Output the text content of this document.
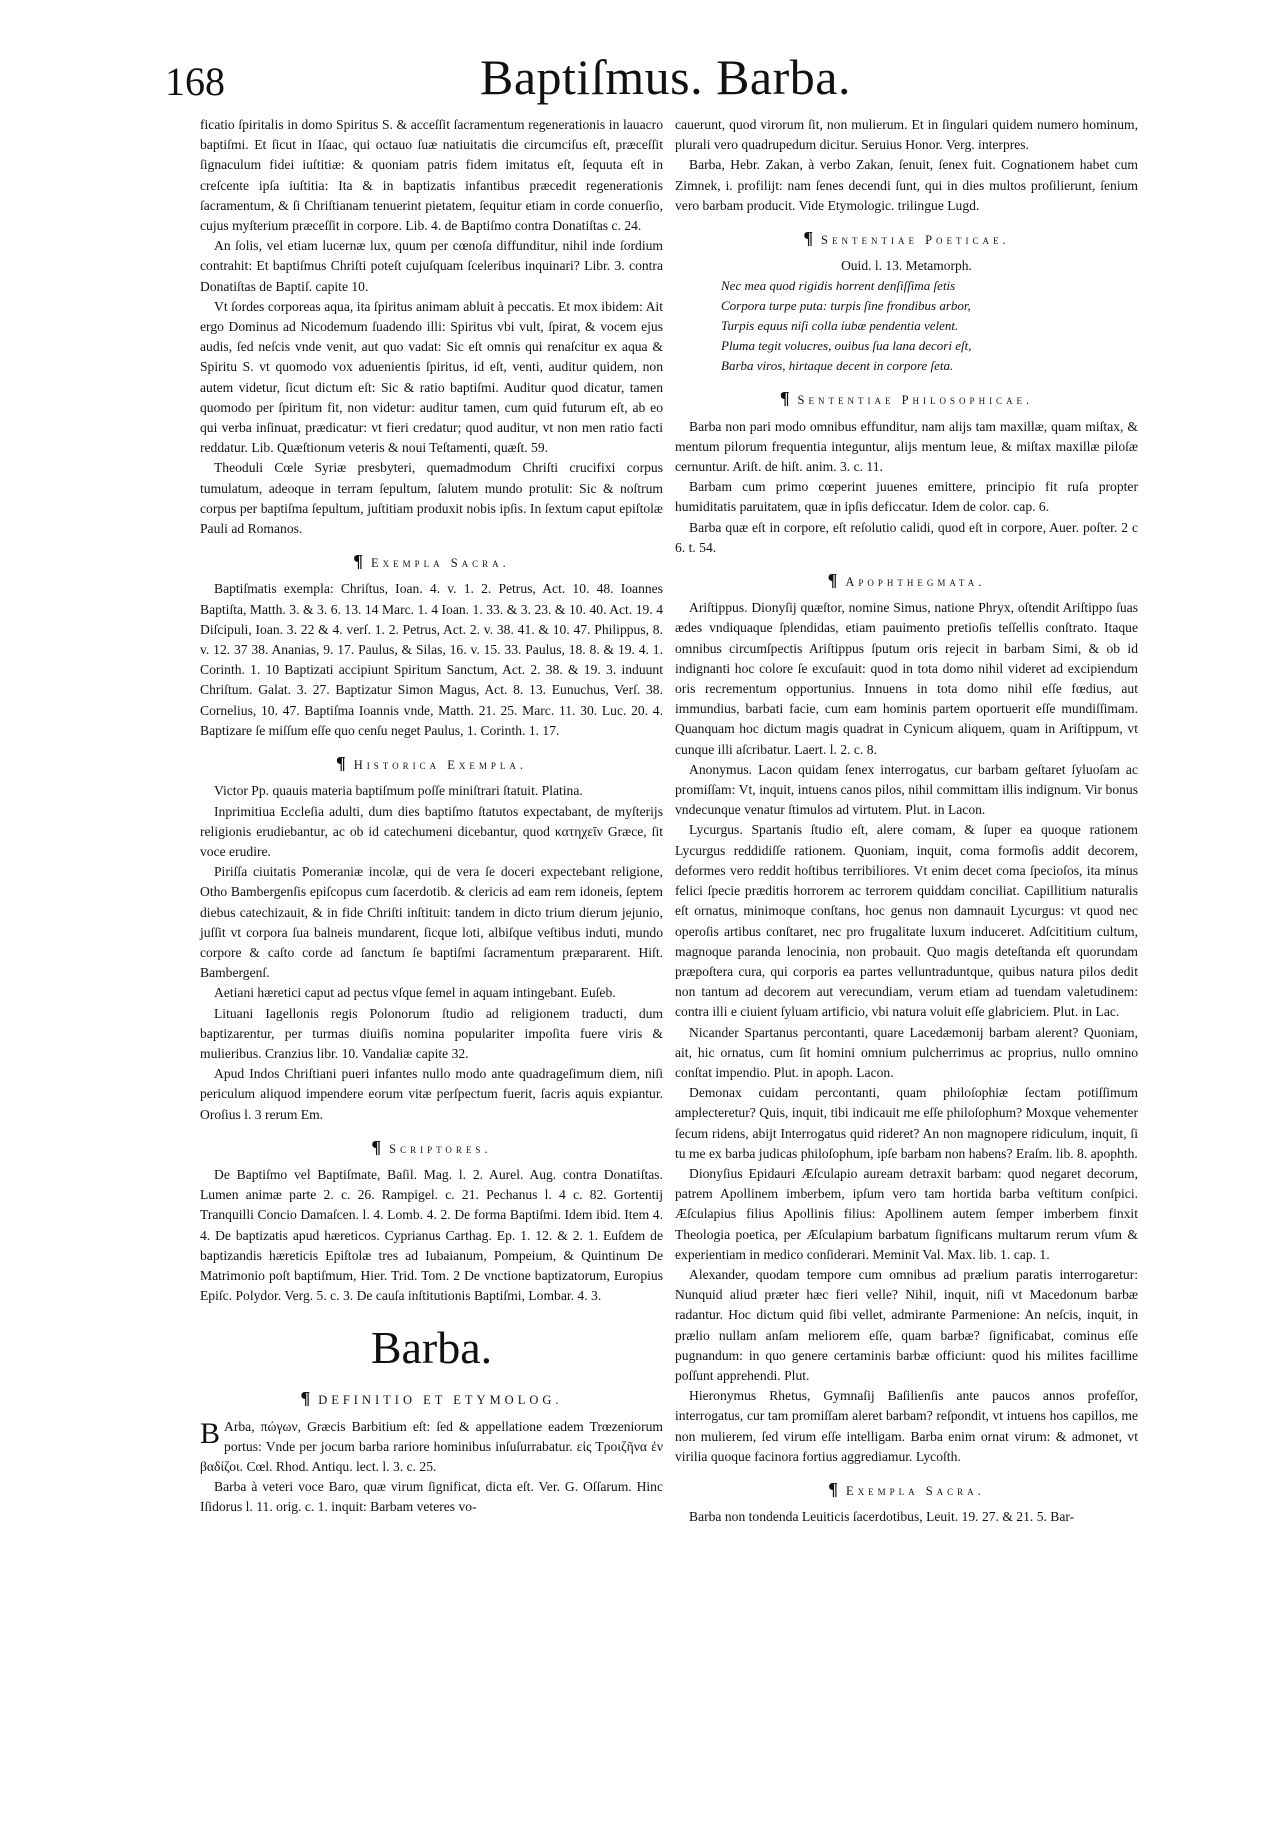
168	Baptiſmus. Barba.

ficatio ſpiritalis in domo Spiritus S. & acceſſit ſacramentum regenerationis in lauacro baptiſmi. Et ſicut in Iſaac, qui octauo ſuæ natiuitatis die circumciſus eſt, præceſſit ſignaculum fidei iuſtitiæ: & quoniam patris fidem imitatus eſt, ſequuta eſt in creſcente ipſa iuſtitia: Ita & in baptizatis infantibus præcedit regenerationis ſacramentum, & ſi Chriſtianam tenuerint pietatem, ſequitur etiam in corde conuerſio, cujus myſterium præceſſit in corpore. Lib. 4. de Baptiſmo contra Donatiſtas c. 24.

An ſolis, vel etiam lucernæ lux, quum per cœnoſa diffunditur, nihil inde ſordium contrahit: Et baptiſmus Chriſti poteſt cujuſquam ſceleribus inquinari? Libr. 3. contra Donatiſtas de Baptiſ. capite 10.

Vt ſordes corporeas aqua, ita ſpiritus animam abluit à peccatis. Et mox ibidem: Ait ergo Dominus ad Nicodemum ſuadendo illi: Spiritus vbi vult, ſpirat, & vocem ejus audis, ſed neſcis vnde venit, aut quo vadat: Sic eſt omnis qui renaſcitur ex aqua & Spiritu S. vt quomodo vox aduenientis ſpiritus, id eſt, venti, auditur quidem, non autem videtur, ſicut dictum eſt: Sic & ratio baptiſmi. Auditur quod dicatur, tamen quomodo per ſpiritum fit, non videtur: auditur tamen, cum quid futurum eſt, ab eo qui verba inſinuat, prædicatur: vt fieri credatur; quod auditur, vt non men ratio facti reddatur. Lib. Quæſtionum veteris & noui Teſtamenti, quæſt. 59.

Theoduli Cœle Syriæ presbyteri, quemadmodum Chriſti crucifixi corpus tumulatum, adeoque in terram ſepultum, ſalutem mundo protulit: Sic & noſtrum corpus per baptiſma ſepultum, juſtitiam produxit nobis ipſis. In ſextum caput epiſtolæ Pauli ad Romanos.

¶ Exempla Sacra.

Baptiſmatis exempla: Chriſtus, Ioan. 4. v. 1. 2. Petrus, Act. 10. 48. Ioannes Baptiſta, Matth. 3. & 3. 6. 13. 14 Marc. 1. 4 Ioan. 1. 33. & 3. 23. & 10. 40. Act. 19. 4 Diſcipuli, Ioan. 3. 22 & 4. verſ. 1. 2. Petrus, Act. 2. v. 38. 41. & 10. 47. Philippus, 8. v. 12. 37 38. Ananias, 9. 17. Paulus, & Silas, 16. v. 15. 33. Paulus, 18. 8. & 19. 4. 1. Corinth. 1. 10 Baptizati accipiunt Spiritum Sanctum, Act. 2. 38. & 19. 3. induunt Chriſtum. Galat. 3. 27. Baptizatur Simon Magus, Act. 8. 13. Eunuchus, Verſ. 38. Cornelius, 10. 47. Baptiſma Ioannis vnde, Matth. 21. 25. Marc. 11. 30. Luc. 20. 4. Baptizare ſe miſſum eſſe quo cenſu neget Paulus, 1. Corinth. 1. 17.

¶ Historica Exempla.

Victor Pp. quauis materia baptiſmum poſſe miniſtrari ſtatuit. Platina.

Inprimitiua Eccleſia adulti, dum dies baptiſmo ſtatutos expectabant, de myſterijs religionis erudiebantur, ac ob id catechumeni dicebantur, quod κατηχεῖν Græce, ſit voce erudire.

Piriſſa ciuitatis Pomeraniæ incolæ, qui de vera ſe doceri expectebant religione, Otho Bambergenſis epiſcopus cum ſacerdotib. & clericis ad eam rem idoneis, ſeptem diebus catechizauit, & in fide Chriſti inſtituit: tandem in dicto trium dierum jejunio, juſſit vt corpora ſua balneis mundarent, ſicque loti, albiſque veſtibus induti, mundo corpore & caſto corde ad ſanctum ſe baptiſmi ſacramentum præpararent. Hiſt. Bambergenſ.

Aetiani hæretici caput ad pectus vſque ſemel in aquam intingebant. Euſeb.

Lituani Iagellonis regis Polonorum ſtudio ad religionem traducti, dum baptizarentur, per turmas diuiſis nomina populariter impoſita fuere viris & mulieribus. Cranzius libr. 10. Vandaliæ capite 32.

Apud Indos Chriſtiani pueri infantes nullo modo ante quadrageſimum diem, niſi periculum aliquod impendere eorum vitæ perſpectum fuerit, ſacris aquis expiantur. Oroſius l. 3 rerum Em.

¶ Scriptores.

De Baptiſmo vel Baptiſmate, Baſil. Mag. l. 2. Aurel. Aug. contra Donatiſtas. Lumen animæ parte 2. c. 26. Rampigel. c. 21. Pechanus l. 4 c. 82. Gortentij Tranquilli Concio Damaſcen. l. 4. Lomb. 4. 2. De forma Baptiſmi. Idem ibid. Item 4. 4. De baptizatis apud hæreticos. Cyprianus Carthag. Ep. 1. 12. & 2. 1. Euſdem de baptizandis hæreticis Epiſtolæ tres ad Iubaianum, Pompeium, & Quintinum De Matrimonio poſt baptiſmum, Hier. Trid. Tom. 2 De vnctione baptizatorum, Europius Epiſc. Polydor. Verg. 5. c. 3. De cauſa inſtitutionis Baptiſmi, Lombar. 4. 3.

Barba.
¶ DEFINITIO ET ETYMOLOG.

B Arba, πώγων, Græcis Barbitium eſt: ſed & appellatione eadem Trœzeniorum portus: Vnde per jocum barba rariore hominibus inſuſurrabatur. εἰς Τροιζῆνα ἐν βαδίζοι. Cœl. Rhod. Antiqu. lect. l. 3. c. 25.

Barba à veteri voce Baro, quæ virum ſignificat, dicta eſt. Ver. G. Oſſarum. Hinc Iſidorus l. 11. orig. c. 1. inquit: Barbam veteres vo-

cauerunt, quod virorum ſit, non mulierum. Et in ſingulari quidem numero hominum, plurali vero quadrupedum dicitur. Seruius Honor. Verg. interpres.

Barba, Hebr. Zakan, à verbo Zakan, ſenuit, ſenex fuit. Cognationem habet cum Zimnek, i. profilijt: nam ſenes decendi ſunt, qui in dies multos proſilierunt, ſenium vero barbam producit. Vide Etymologic. trilingue Lugd.

¶ Sententiae Poeticae.
Ouid. l. 13. Metamorph.
Nec mea quod rigidis horrent denſiſſima ſetis
Corpora turpe puta: turpis ſine frondibus arbor,
Turpis equus niſi colla iubæ pendentia velent.
Pluma tegit volucres, ouibus ſua lana decori eſt,
Barba viros, hirtaque decent in corpore ſeta.
¶ Sententiae Philosophicae.

Barba non pari modo omnibus effunditur, nam alijs tam maxillæ, quam miſtax, & mentum pilorum frequentia integuntur, alijs mentum leue, & miſtax maxillæ piloſæ cernuntur. Ariſt. de hiſt. anim. 3. c. 11.

Barbam cum primo cœperint juuenes emittere, principio fit ruſa propter humiditatis paruitatem, quæ in ipſis deficcatur. Idem de color. cap. 6.

Barba quæ eſt in corpore, eſt reſolutio calidi, quod eſt in corpore, Auer. poſter. 2 c 6. t. 54.

¶ Apophthegmata.

Ariſtippus. Dionyſij quæſtor, nomine Simus, natione Phryx, oſtendit Ariſtippo ſuas ædes vndiquaque ſplendidas, etiam pauimento pretioſis teſſellis conſtrato. Itaque omnibus circumſpectis Ariſtippus ſputum oris rejecit in barbam Simi, & ob id indignanti hoc colore ſe excuſauit: quod in tota domo nihil videret ad excipiendum oris recrementum opportunius. Innuens in tota domo nihil eſſe fœdius, aut immundius, barbati facie, cum eam hominis partem oportuerit eſſe mundiſſimam. Quanquam hoc dictum magis quadrat in Cynicum aliquem, quam in Ariſtippum, vt cunque illi aſcribatur. Laert. l. 2. c. 8.

Anonymus. Lacon quidam ſenex interrogatus, cur barbam geſtaret ſyluoſam ac promiſſam: Vt, inquit, intuens canos pilos, nihil committam illis indignum. Vir bonus vndecunque venatur ſtimulos ad virtutem. Plut. in Lacon.

Lycurgus. Spartanis ſtudio eſt, alere comam, & ſuper ea quoque rationem Lycurgus reddidiſſe rationem. Quoniam, inquit, coma formoſis addit decorem, deformes vero reddit hoſtibus terribiliores. Vt enim decet coma ſpecioſos, ita minus felici ſpecie præditis horrorem ac terrorem quiddam conciliat. Capillitium naturalis eſt ornatus, minimoque conſtans, hoc genus non damnauit Lycurgus: vt quod nec operoſis artibus conſtaret, nec pro frugalitate luxum induceret. Adſcititium cultum, magnoque paranda lenocinia, non probauit. Quo magis deteſtanda eſt quorundam præpoſtera cura, qui corporis ea partes velluntraduntque, quibus natura pilos dedit non tantum ad decorem aut verecundiam, verum etiam ad tuendam valetudinem: contra illi e ciuient ſyluam artificio, vbi natura voluit eſſe glabriciem. Plut. in Lac.

Nicander Spartanus percontanti, quare Lacedæmonij barbam alerent? Quoniam, ait, hic ornatus, cum ſit homini omnium pulcherrimus ac proprius, nullo omnino conſtat impendio. Plut. in apoph. Lacon.

Demonax cuidam percontanti, quam philoſophiæ ſectam potiſſimum amplecteretur? Quis, inquit, tibi indicauit me eſſe philoſophum? Moxque vehementer ſecum ridens, abijt Interrogatus quid rideret? An non magnopere ridiculum, inquit, ſi tu me ex barba judicas philoſophum, ipſe barbam non habens? Eraſm. lib. 8. apophth.

Dionyſius Epidauri Æſculapio auream detraxit barbam: quod negaret decorum, patrem Apollinem imberbem, ipſum vero tam hortida barba veſtitum conſpici. Æſculapius filius Apollinis filius: Apollinem autem ſemper imberbem finxit Theologia poetica, per Æſculapium barbatum ſignificans multarum rerum vſum & experientiam in medico conſiderari. Meminit Val. Max. lib. 1. cap. 1.

Alexander, quodam tempore cum omnibus ad prælium paratis interrogaretur: Nunquid aliud præter hæc fieri velle? Nihil, inquit, niſi vt Macedonum barbæ radantur. Hoc dictum quid ſibi vellet, admirante Parmenione: An neſcis, inquit, in prælio nullam anſam meliorem eſſe, quam barbæ? ſignificabat, cominus eſſe pugnandum: in quo genere certaminis barbæ officiunt: quod his milites facillime poſſunt apprehendi. Plut.

Hieronymus Rhetus, Gymnaſij Baſilienſis ante paucos annos profeſſor, interrogatus, cur tam promiſſam aleret barbam? reſpondit, vt intuens hos capillos, me non mulierem, ſed virum eſſe intelligam. Barba enim ornat virum: & admonet, vt virilia quoque facinora fortius aggrediamur. Lycoſth.

¶ Exempla Sacra.

Barba non tondenda Leuiticis ſacerdotibus, Leuit. 19. 27. & 21. 5. Bar-
